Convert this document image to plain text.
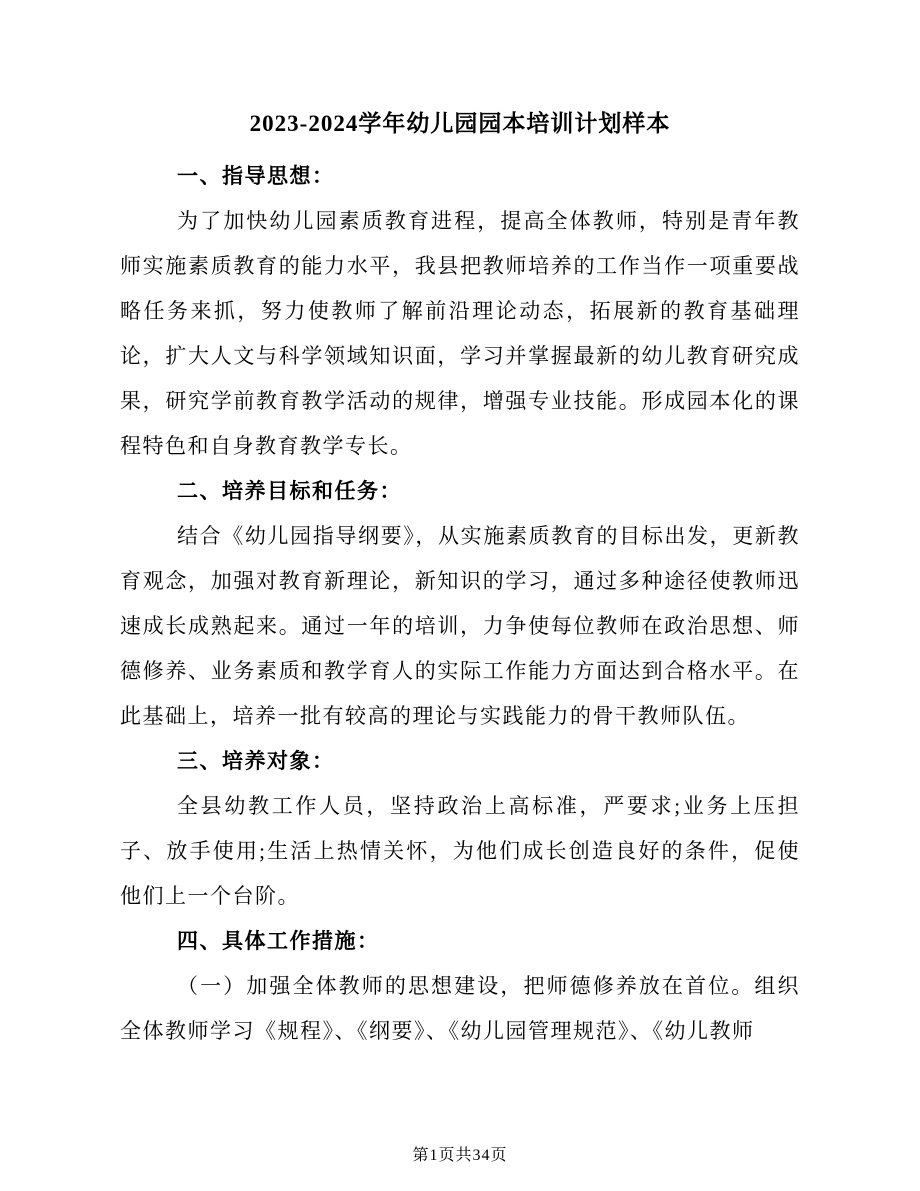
2023-2024学年幼儿园园本培训计划样本
一、指导思想：

为了加快幼儿园素质教育进程，提高全体教师，特别是青年教师实施素质教育的能力水平，我县把教师培养的工作当作一项重要战略任务来抓，努力使教师了解前沿理论动态，拓展新的教育基础理论，扩大人文与科学领域知识面，学习并掌握最新的幼儿教育研究成果，研究学前教育教学活动的规律，增强专业技能。形成园本化的课程特色和自身教育教学专长。

二、培养目标和任务：

结合《幼儿园指导纲要》，从实施素质教育的目标出发，更新教育观念，加强对教育新理论，新知识的学习，通过多种途径使教师迅速成长成熟起来。通过一年的培训，力争使每位教师在政治思想、师德修养、业务素质和教学育人的实际工作能力方面达到合格水平。在此基础上，培养一批有较高的理论与实践能力的骨干教师队伍。

三、培养对象：

全县幼教工作人员，坚持政治上高标准，严要求;业务上压担子、放手使用;生活上热情关怀，为他们成长创造良好的条件，促使他们上一个台阶。

四、具体工作措施：

（一）加强全体教师的思想建设，把师德修养放在首位。组织全体教师学习《规程》、《纲要》、《幼儿园管理规范》、《幼儿教师

第1页共34页
